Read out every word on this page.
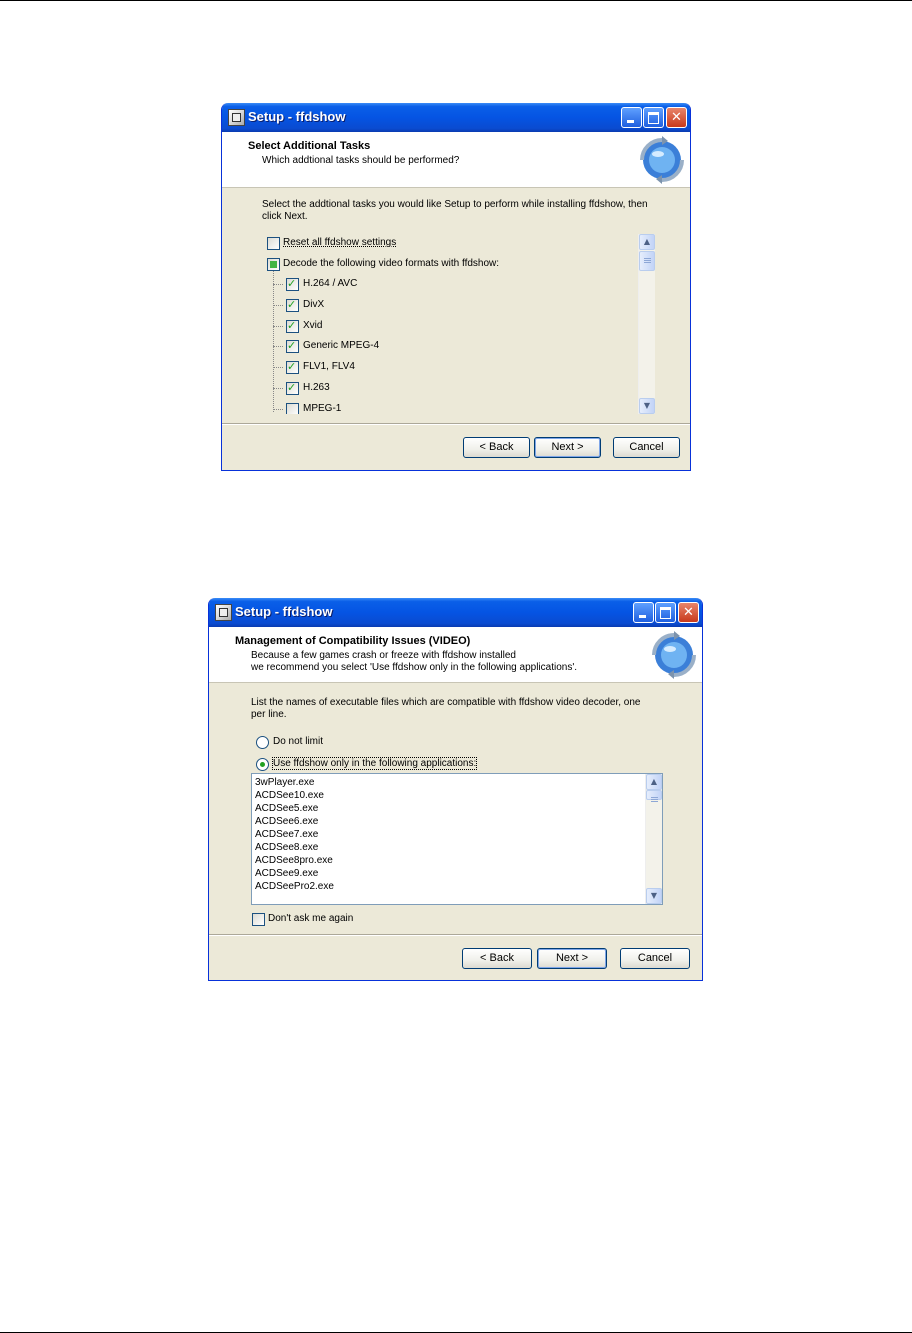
Setup - ffdshow	✕
Select Additional Tasks
Which addtional tasks should be performed?
Select the addtional tasks you would like Setup to perform while installing ffdshow, then
click Next.
Reset all ffdshow settings
Decode the following video formats with ffdshow:
✓
H.264 / AVC
✓
DivX
✓
Xvid
✓
Generic MPEG-4
✓
FLV1, FLV4
✓
H.263
MPEG-1
▲
▼
< Back	Next >	Cancel
Setup - ffdshow	✕
Management of Compatibility Issues (VIDEO)
Because a few games crash or freeze with ffdshow installed
we recommend you select 'Use ffdshow only in the following applications'.
List the names of executable files which are compatible with ffdshow video decoder, one
per line.
Do not limit
Use ffdshow only in the following applications:
3wPlayer.exe
ACDSee10.exe
ACDSee5.exe
ACDSee6.exe
ACDSee7.exe
ACDSee8.exe
ACDSee8pro.exe
ACDSee9.exe
ACDSeePro2.exe
▲
▼
Don't ask me again
< Back	Next >	Cancel
